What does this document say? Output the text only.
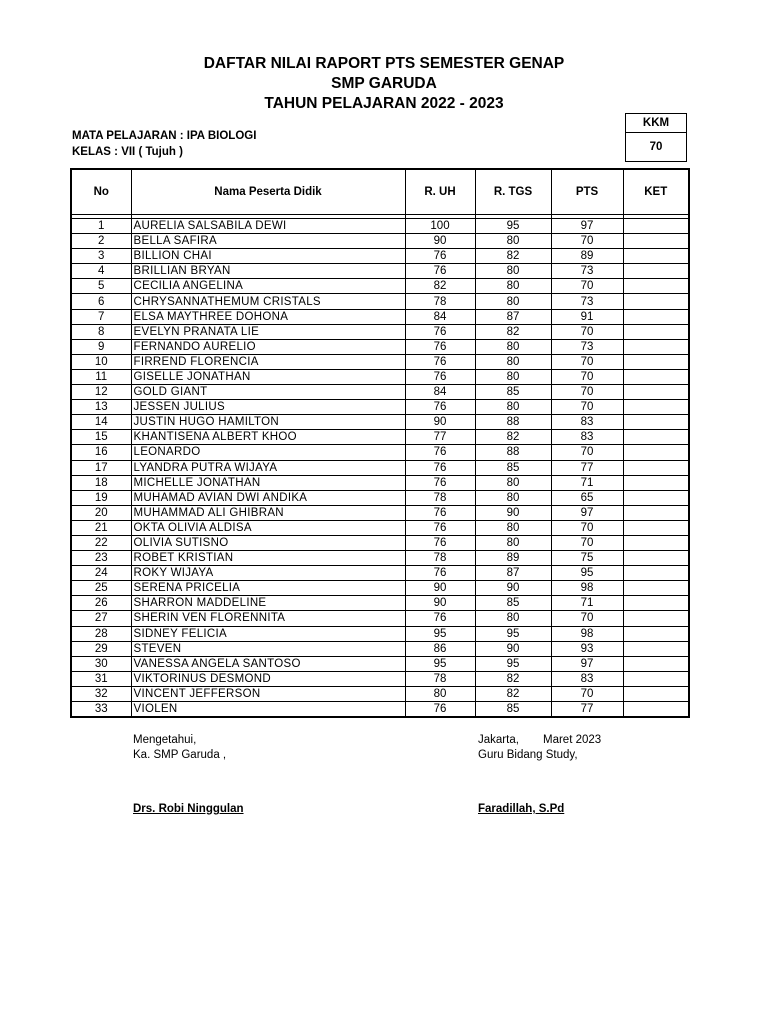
DAFTAR NILAI RAPORT PTS SEMESTER GENAP
SMP GARUDA
TAHUN PELAJARAN 2022 - 2023
MATA PELAJARAN : IPA BIOLOGI
KELAS : VII ( Tujuh )
KKM
70
No	Nama Peserta Didik	R. UH	R. TGS	PTS	KET

1	AURELIA SALSABILA DEWI	100	95	97	
2	BELLA SAFIRA	90	80	70	
3	BILLION CHAI	76	82	89	
4	BRILLIAN BRYAN	76	80	73	
5	CECILIA ANGELINA	82	80	70	
6	CHRYSANNATHEMUM CRISTALS	78	80	73	
7	ELSA MAYTHREE DOHONA	84	87	91	
8	EVELYN PRANATA LIE	76	82	70	
9	FERNANDO AURELIO	76	80	73	
10	FIRREND FLORENCIA	76	80	70	
11	GISELLE JONATHAN	76	80	70	
12	GOLD GIANT	84	85	70	
13	JESSEN JULIUS	76	80	70	
14	JUSTIN HUGO HAMILTON	90	88	83	
15	KHANTISENA ALBERT KHOO	77	82	83	
16	LEONARDO	76	88	70	
17	LYANDRA PUTRA WIJAYA	76	85	77	
18	MICHELLE JONATHAN	76	80	71	
19	MUHAMAD AVIAN DWI ANDIKA	78	80	65	
20	MUHAMMAD ALI GHIBRAN	76	90	97	
21	OKTA OLIVIA ALDISA	76	80	70	
22	OLIVIA SUTISNO	76	80	70	
23	ROBET KRISTIAN	78	89	75	
24	ROKY WIJAYA	76	87	95	
25	SERENA PRICELIA	90	90	98	
26	SHARRON MADDELINE	90	85	71	
27	SHERIN VEN FLORENNITA	76	80	70	
28	SIDNEY FELICIA	95	95	98	
29	STEVEN	86	90	93	
30	VANESSA ANGELA SANTOSO	95	95	97	
31	VIKTORINUS DESMOND	78	82	83	
32	VINCENT JEFFERSON	80	82	70	
33	VIOLEN	76	85	77	
Mengetahui,
Ka. SMP Garuda ,
Jakarta,	Maret 2023
Guru Bidang Study,
Drs. Robi Ninggulan	Faradillah, S.Pd
